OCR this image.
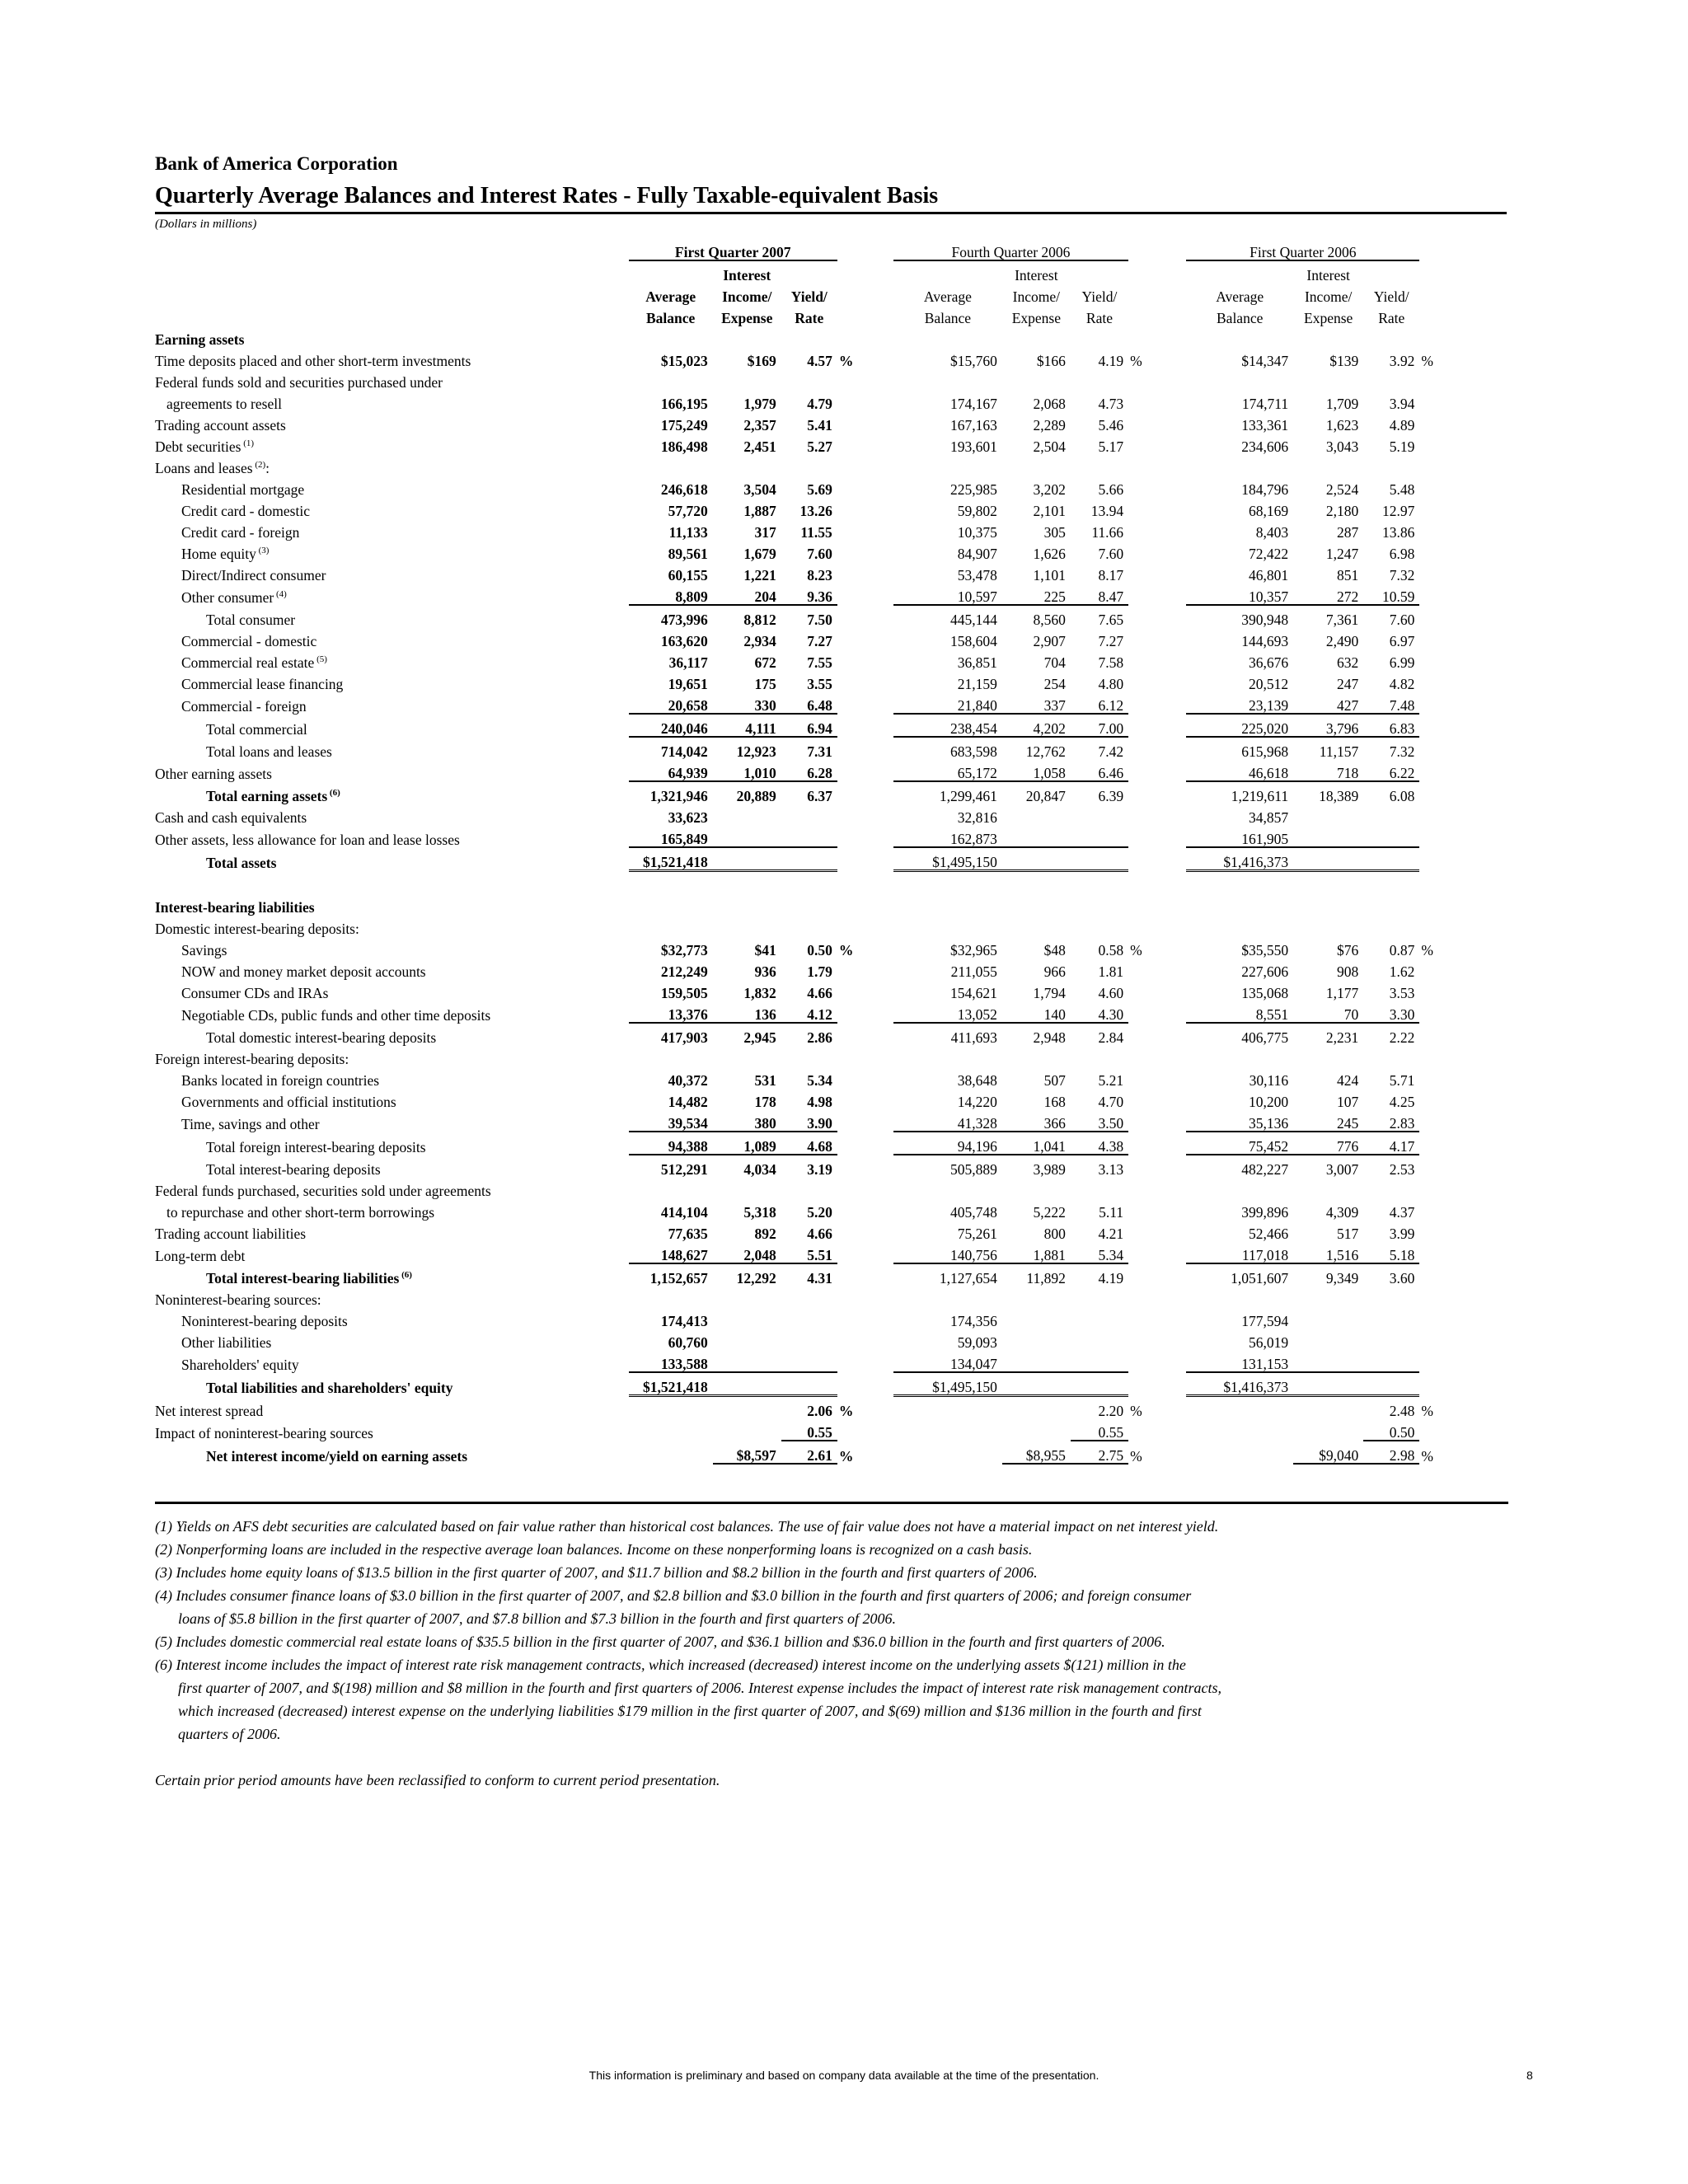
Bank of America Corporation
Quarterly Average Balances and Interest Rates - Fully Taxable-equivalent Basis
(Dollars in millions)
	First Quarter 2007					Fourth Quarter 2006					First Quarter 2006				
		Interest					Interest					Interest			
	Average	Income/	Yield/			Average	Income/	Yield/			Average	Income/	Yield/		
	Balance	Expense	Rate			Balance	Expense	Rate			Balance	Expense	Rate		
Earning assets															
Time deposits placed and other short-term investments	$15,023	$169	4.57	%		$15,760	$166	4.19	%		$14,347	$139	3.92	%	
Federal funds sold and securities purchased under															
agreements to resell	166,195	1,979	4.79			174,167	2,068	4.73			174,711	1,709	3.94		
Trading account assets	175,249	2,357	5.41			167,163	2,289	5.46			133,361	1,623	4.89		
Debt securities $^{(1)}$	186,498	2,451	5.27			193,601	2,504	5.17			234,606	3,043	5.19		
Loans and leases $^{(2)}$:															
Residential mortgage	246,618	3,504	5.69			225,985	3,202	5.66			184,796	2,524	5.48		
Credit card - domestic	57,720	1,887	13.26			59,802	2,101	13.94			68,169	2,180	12.97		
Credit card - foreign	11,133	317	11.55			10,375	305	11.66			8,403	287	13.86		
Home equity $^{(3)}$	89,561	1,679	7.60			84,907	1,626	7.60			72,422	1,247	6.98		
Direct/Indirect consumer	60,155	1,221	8.23			53,478	1,101	8.17			46,801	851	7.32		
Other consumer $^{(4)}$	8,809	204	9.36			10,597	225	8.47			10,357	272	10.59		
Total consumer	473,996	8,812	7.50			445,144	8,560	7.65			390,948	7,361	7.60		
Commercial - domestic	163,620	2,934	7.27			158,604	2,907	7.27			144,693	2,490	6.97		
Commercial real estate $^{(5)}$	36,117	672	7.55			36,851	704	7.58			36,676	632	6.99		
Commercial lease financing	19,651	175	3.55			21,159	254	4.80			20,512	247	4.82		
Commercial - foreign	20,658	330	6.48			21,840	337	6.12			23,139	427	7.48		
Total commercial	240,046	4,111	6.94			238,454	4,202	7.00			225,020	3,796	6.83		
Total loans and leases	714,042	12,923	7.31			683,598	12,762	7.42			615,968	11,157	7.32		
Other earning assets	64,939	1,010	6.28			65,172	1,058	6.46			46,618	718	6.22		
Total earning assets $^{(6)}$	1,321,946	20,889	6.37			1,299,461	20,847	6.39			1,219,611	18,389	6.08		
Cash and cash equivalents	33,623					32,816					34,857				
Other assets, less allowance for loan and lease losses	165,849					162,873					161,905				
Total assets	$1,521,418					$1,495,150					$1,416,373				

Interest-bearing liabilities															
Domestic interest-bearing deposits:															
Savings	$32,773	$41	0.50	%		$32,965	$48	0.58	%		$35,550	$76	0.87	%	
NOW and money market deposit accounts	212,249	936	1.79			211,055	966	1.81			227,606	908	1.62		
Consumer CDs and IRAs	159,505	1,832	4.66			154,621	1,794	4.60			135,068	1,177	3.53		
Negotiable CDs, public funds and other time deposits	13,376	136	4.12			13,052	140	4.30			8,551	70	3.30		
Total domestic interest-bearing deposits	417,903	2,945	2.86			411,693	2,948	2.84			406,775	2,231	2.22		
Foreign interest-bearing deposits:															
Banks located in foreign countries	40,372	531	5.34			38,648	507	5.21			30,116	424	5.71		
Governments and official institutions	14,482	178	4.98			14,220	168	4.70			10,200	107	4.25		
Time, savings and other	39,534	380	3.90			41,328	366	3.50			35,136	245	2.83		
Total foreign interest-bearing deposits	94,388	1,089	4.68			94,196	1,041	4.38			75,452	776	4.17		
Total interest-bearing deposits	512,291	4,034	3.19			505,889	3,989	3.13			482,227	3,007	2.53		
Federal funds purchased, securities sold under agreements															
to repurchase and other short-term borrowings	414,104	5,318	5.20			405,748	5,222	5.11			399,896	4,309	4.37		
Trading account liabilities	77,635	892	4.66			75,261	800	4.21			52,466	517	3.99		
Long-term debt	148,627	2,048	5.51			140,756	1,881	5.34			117,018	1,516	5.18		
Total interest-bearing liabilities $^{(6)}$	1,152,657	12,292	4.31			1,127,654	11,892	4.19			1,051,607	9,349	3.60		
Noninterest-bearing sources:															
Noninterest-bearing deposits	174,413					174,356					177,594				
Other liabilities	60,760					59,093					56,019				
Shareholders' equity	133,588					134,047					131,153				
Total liabilities and shareholders' equity	$1,521,418					$1,495,150					$1,416,373				
Net interest spread			2.06	%				2.20	%				2.48	%	
Impact of noninterest-bearing sources			0.55					0.55					0.50		
Net interest income/yield on earning assets		$8,597	2.61	%			$8,955	2.75	%			$9,040	2.98	%	

(1) Yields on AFS debt securities are calculated based on fair value rather than historical cost balances. The use of fair value does not have a material impact on net interest yield.

(2) Nonperforming loans are included in the respective average loan balances. Income on these nonperforming loans is recognized on a cash basis.

(3) Includes home equity loans of $13.5 billion in the first quarter of 2007, and $11.7 billion and $8.2 billion in the fourth and first quarters of 2006.

(4) Includes consumer finance loans of $3.0 billion in the first quarter of 2007, and $2.8 billion and $3.0 billion in the fourth and first quarters of 2006; and foreign consumer

loans of $5.8 billion in the first quarter of 2007, and $7.8 billion and $7.3 billion in the fourth and first quarters of 2006.

(5) Includes domestic commercial real estate loans of $35.5 billion in the first quarter of 2007, and $36.1 billion and $36.0 billion in the fourth and first quarters of 2006.

(6) Interest income includes the impact of interest rate risk management contracts, which increased (decreased) interest income on the underlying assets $(121) million in the

first quarter of 2007, and $(198) million and $8 million in the fourth and first quarters of 2006. Interest expense includes the impact of interest rate risk management contracts,

which increased (decreased) interest expense on the underlying liabilities $179 million in the first quarter of 2007, and $(69) million and $136 million in the fourth and first

quarters of 2006.

Certain prior period amounts have been reclassified to conform to current period presentation.

This information is preliminary and based on company data available at the time of the presentation.	8
